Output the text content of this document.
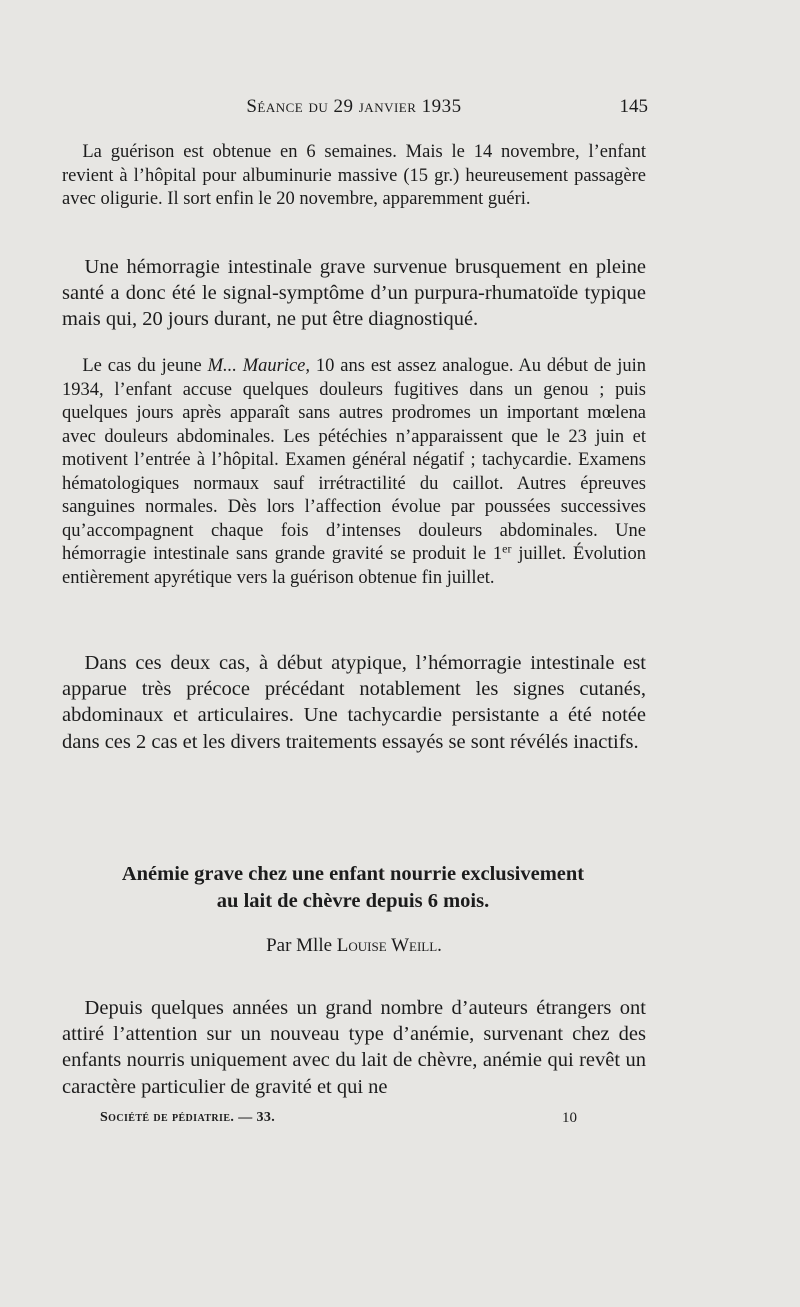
Séance du 29 janvier 1935	145

La guérison est obtenue en 6 semaines. Mais le 14 novembre, l’enfant revient à l’hôpital pour albuminurie massive (15 gr.) heureusement passagère avec oligurie. Il sort enfin le 20 novembre, apparemment guéri.

Une hémorragie intestinale grave survenue brusquement en pleine santé a donc été le signal-symptôme d’un purpura-rhumatoïde typique mais qui, 20 jours durant, ne put être diagnostiqué.

Le cas du jeune M... Maurice, 10 ans est assez analogue. Au début de juin 1934, l’enfant accuse quelques douleurs fugitives dans un genou ; puis quelques jours après apparaît sans autres prodromes un important mœlena avec douleurs abdominales. Les pétéchies n’apparaissent que le 23 juin et motivent l’entrée à l’hôpital. Examen général négatif ; tachycardie. Examens hématologiques normaux sauf irrétractilité du caillot. Autres épreuves sanguines normales. Dès lors l’affection évolue par poussées successives qu’accompagnent chaque fois d’intenses douleurs abdominales. Une hémorragie intestinale sans grande gravité se produit le 1er juillet. Évolution entièrement apyrétique vers la guérison obtenue fin juillet.

Dans ces deux cas, à début atypique, l’hémorragie intestinale est apparue très précoce précédant notablement les signes cutanés, abdominaux et articulaires. Une tachycardie persistante a été notée dans ces 2 cas et les divers traitements essayés se sont révélés inactifs.

Anémie grave chez une enfant nourrie exclusivement
au lait de chèvre depuis 6 mois.

Par Mlle Louise Weill.

Depuis quelques années un grand nombre d’auteurs étrangers ont attiré l’attention sur un nouveau type d’anémie, survenant chez des enfants nourris uniquement avec du lait de chèvre, anémie qui revêt un caractère particulier de gravité et qui ne

Société de pédiatrie. — 33.	10
